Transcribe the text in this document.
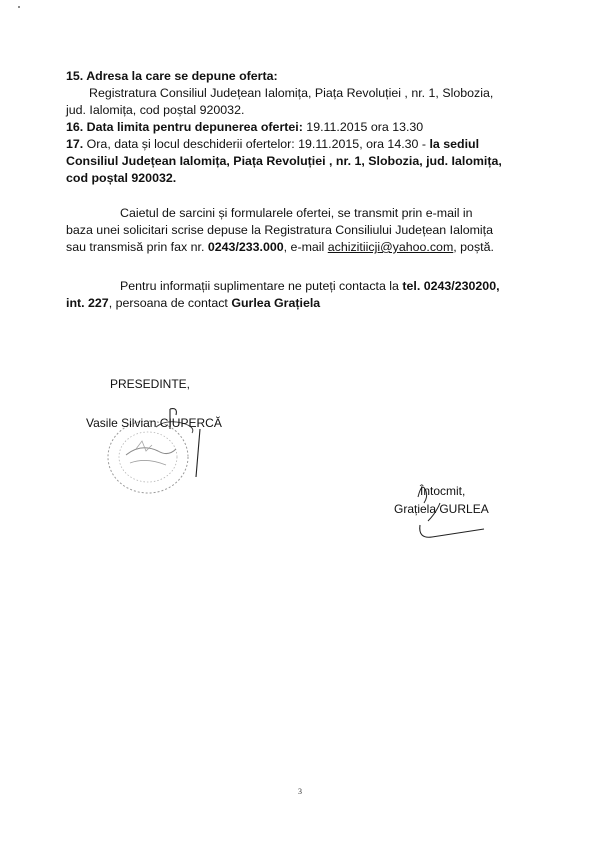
15. Adresa la care se depune oferta:
Registratura Consiliul Județean Ialomița, Piața Revoluției , nr. 1, Slobozia,
jud. Ialomița, cod poștal 920032.
16. Data limita pentru depunerea ofertei: 19.11.2015 ora 13.30
17. Ora, data și locul deschiderii ofertelor: 19.11.2015, ora 14.30 - la sediul
Consiliul Județean Ialomița, Piața Revoluției , nr. 1, Slobozia, jud. Ialomița,
cod poștal 920032.
Caietul de sarcini și formularele ofertei, se transmit prin e-mail in
baza unei solicitari scrise depuse la Registratura Consiliului Județean Ialomița
sau transmisă prin fax nr. 0243/233.000, e-mail achizitiicji@yahoo.com, poștă.
Pentru informații suplimentare ne puteți contacta la tel. 0243/230200,
int. 227, persoana de contact Gurlea Grațiela
PRESEDINTE,
Vasile Silvian CIUPERCĂ
Întocmit,
Grațiela GURLEA
3
